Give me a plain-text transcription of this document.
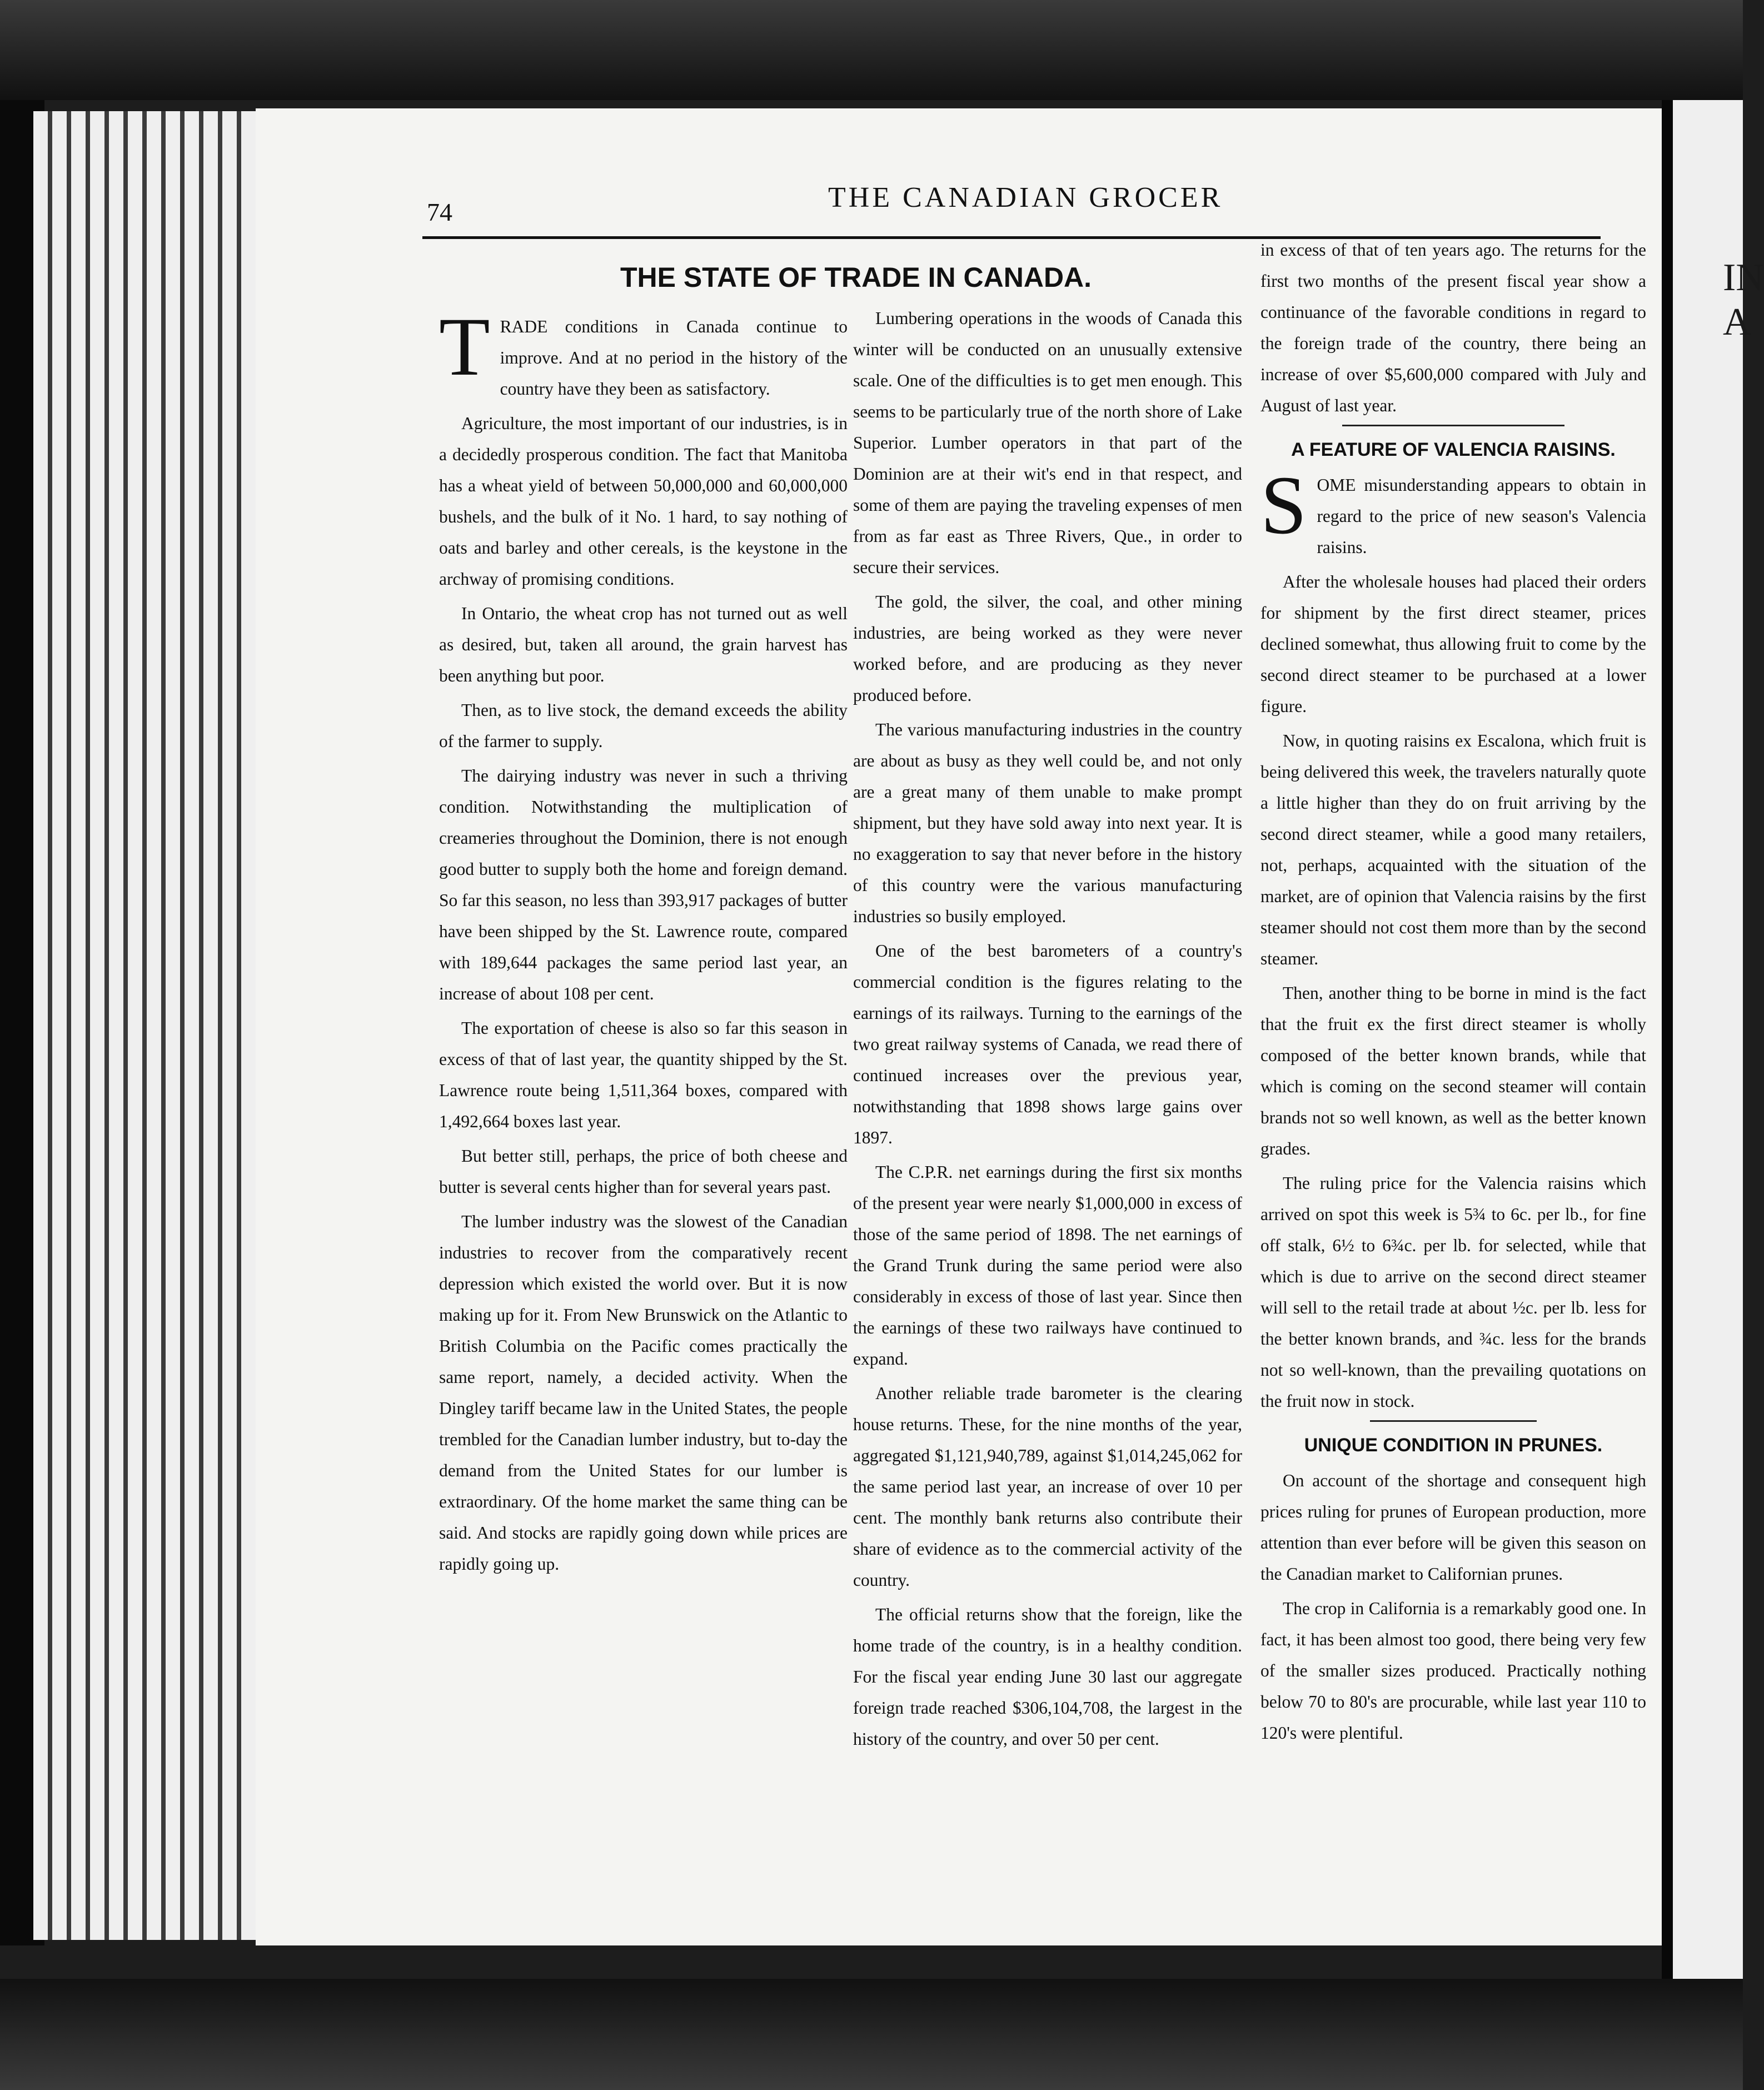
IN A
74	THE CANADIAN GROCER
THE STATE OF TRADE IN CANADA.

TRADE conditions in Canada continue to improve. And at no period in the history of the country have they been as satisfactory.

Agriculture, the most important of our industries, is in a decidedly prosperous condition. The fact that Manitoba has a wheat yield of between 50,000,000 and 60,000,000 bushels, and the bulk of it No. 1 hard, to say nothing of oats and barley and other cereals, is the keystone in the archway of promising conditions.

In Ontario, the wheat crop has not turned out as well as desired, but, taken all around, the grain harvest has been anything but poor.

Then, as to live stock, the demand exceeds the ability of the farmer to supply.

The dairying industry was never in such a thriving condition. Notwithstanding the multiplication of creameries throughout the Dominion, there is not enough good butter to supply both the home and foreign demand. So far this season, no less than 393,917 packages of butter have been shipped by the St. Lawrence route, compared with 189,644 packages the same period last year, an increase of about 108 per cent.

The exportation of cheese is also so far this season in excess of that of last year, the quantity shipped by the St. Lawrence route being 1,511,364 boxes, compared with 1,492,664 boxes last year.

But better still, perhaps, the price of both cheese and butter is several cents higher than for several years past.

The lumber industry was the slowest of the Canadian industries to recover from the comparatively recent depression which existed the world over. But it is now making up for it. From New Brunswick on the Atlantic to British Columbia on the Pacific comes practically the same report, namely, a decided activity. When the Dingley tariff became law in the United States, the people trembled for the Canadian lumber industry, but to-day the demand from the United States for our lumber is extraordinary. Of the home market the same thing can be said. And stocks are rapidly going down while prices are rapidly going up.

Lumbering operations in the woods of Canada this winter will be conducted on an unusually extensive scale. One of the difficulties is to get men enough. This seems to be particularly true of the north shore of Lake Superior. Lumber operators in that part of the Dominion are at their wit's end in that respect, and some of them are paying the traveling expenses of men from as far east as Three Rivers, Que., in order to secure their services.

The gold, the silver, the coal, and other mining industries, are being worked as they were never worked before, and are producing as they never produced before.

The various manufacturing industries in the country are about as busy as they well could be, and not only are a great many of them unable to make prompt shipment, but they have sold away into next year. It is no exaggeration to say that never before in the history of this country were the various manufacturing industries so busily employed.

One of the best barometers of a country's commercial condition is the figures relating to the earnings of its railways. Turning to the earnings of the two great railway systems of Canada, we read there of continued increases over the previous year, notwithstanding that 1898 shows large gains over 1897.

The C.P.R. net earnings during the first six months of the present year were nearly $1,000,000 in excess of those of the same period of 1898. The net earnings of the Grand Trunk during the same period were also considerably in excess of those of last year. Since then the earnings of these two railways have continued to expand.

Another reliable trade barometer is the clearing house returns. These, for the nine months of the year, aggregated $1,121,940,789, against $1,014,245,062 for the same period last year, an increase of over 10 per cent. The monthly bank returns also contribute their share of evidence as to the commercial activity of the country.

The official returns show that the foreign, like the home trade of the country, is in a healthy condition. For the fiscal year ending June 30 last our aggregate foreign trade reached $306,104,708, the largest in the history of the country, and over 50 per cent.

in excess of that of ten years ago. The returns for the first two months of the present fiscal year show a continuance of the favorable conditions in regard to the foreign trade of the country, there being an increase of over $5,600,000 compared with July and August of last year.

A FEATURE OF VALENCIA RAISINS.

SOME misunderstanding appears to obtain in regard to the price of new season's Valencia raisins.

After the wholesale houses had placed their orders for shipment by the first direct steamer, prices declined somewhat, thus allowing fruit to come by the second direct steamer to be purchased at a lower figure.

Now, in quoting raisins ex Escalona, which fruit is being delivered this week, the travelers naturally quote a little higher than they do on fruit arriving by the second direct steamer, while a good many retailers, not, perhaps, acquainted with the situation of the market, are of opinion that Valencia raisins by the first steamer should not cost them more than by the second steamer.

Then, another thing to be borne in mind is the fact that the fruit ex the first direct steamer is wholly composed of the better known brands, while that which is coming on the second steamer will contain brands not so well known, as well as the better known grades.

The ruling price for the Valencia raisins which arrived on spot this week is 5¾ to 6c. per lb., for fine off stalk, 6½ to 6¾c. per lb. for selected, while that which is due to arrive on the second direct steamer will sell to the retail trade at about ½c. per lb. less for the better known brands, and ¾c. less for the brands not so well-known, than the prevailing quotations on the fruit now in stock.

UNIQUE CONDITION IN PRUNES.

On account of the shortage and consequent high prices ruling for prunes of European production, more attention than ever before will be given this season on the Canadian market to Californian prunes.

The crop in California is a remarkably good one. In fact, it has been almost too good, there being very few of the smaller sizes produced. Practically nothing below 70 to 80's are procurable, while last year 110 to 120's were plentiful.
